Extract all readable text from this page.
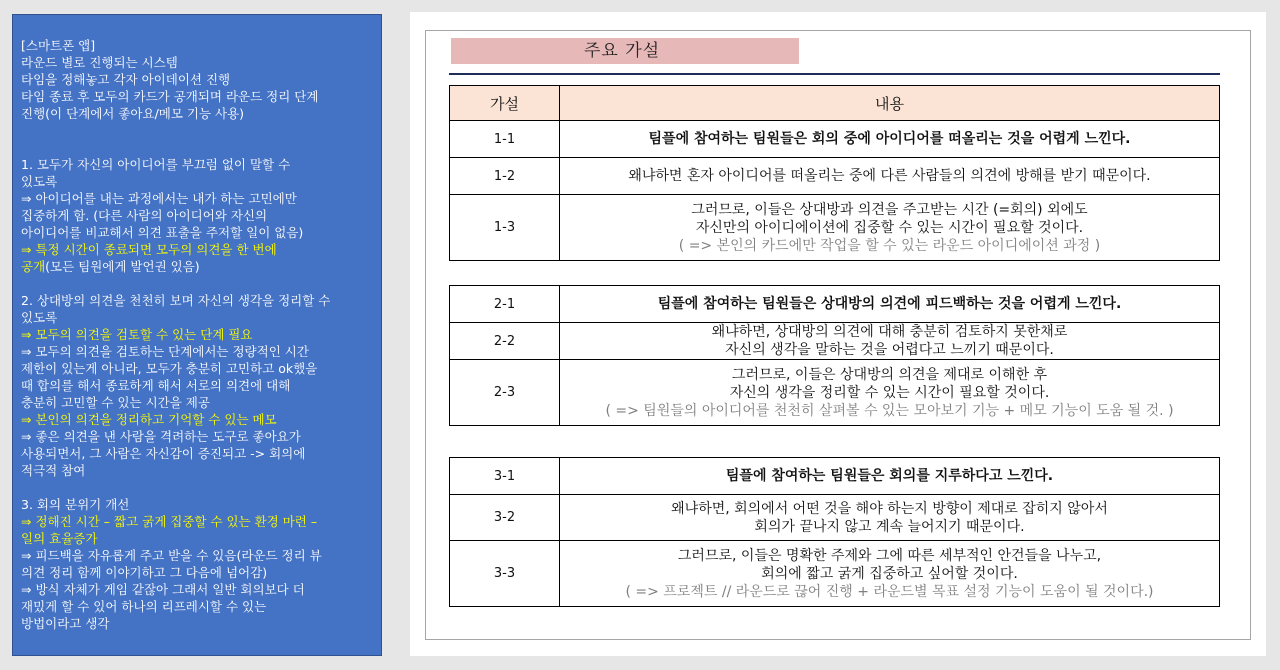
[스마트폰 앱]
라운드 별로 진행되는 시스템
타임을 정해놓고 각자 아이데이션 진행
타임 종료 후 모두의 카드가 공개되며 라운드 정리 단계
진행(이 단계에서 좋아요/메모 기능 사용)
1. 모두가 자신의 아이디어를 부끄럼 없이 말할 수
있도록
⇒ 아이디어를 내는 과정에서는 내가 하는 고민에만
집중하게 함. (다른 사람의 아이디어와 자신의
아이디어를 비교해서 의견 표출을 주저할 일이 없음)
⇒ 특정 시간이 종료되면 모두의 의견을 한 번에
공개(모든 팀원에게 발언권 있음)
2. 상대방의 의견을 천천히 보며 자신의 생각을 정리할 수
있도록
⇒ 모두의 의견을 검토할 수 있는 단계 필요
⇒ 모두의 의견을 검토하는 단계에서는 정량적인 시간
제한이 있는게 아니라, 모두가 충분히 고민하고 ok했을
때 합의를 해서 종료하게 해서 서로의 의견에 대해
충분히 고민할 수 있는 시간을 제공
⇒ 본인의 의견을 정리하고 기억할 수 있는 메모
⇒ 좋은 의견을 낸 사람을 격려하는 도구로 좋아요가
사용되면서, 그 사람은 자신감이 증진되고 -> 회의에
적극적 참여
3. 회의 분위기 개선
⇒ 정해진 시간 – 짧고 굵게 집중할 수 있는 환경 마련 –
일의 효율증가
⇒ 피드백을 자유롭게 주고 받을 수 있음(라운드 정리 뷰
의견 정리 함께 이야기하고 그 다음에 넘어감)
⇒ 방식 자체가 게임 같잖아 그래서 일반 회의보다 더
재밌게 할 수 있어 하나의 리프레시할 수 있는
방법이라고 생각
주요 가설
가설	내용
1-1	팀플에 참여하는 팀원들은 회의 중에 아이디어를 떠올리는 것을 어렵게 느낀다.

1-2	왜냐하면 혼자 아이디어를 떠올리는 중에 다른 사람들의 의견에 방해를 받기 때문이다.

1-3	그러므로, 이들은 상대방과 의견을 주고받는 시간 (=회의) 외에도
자신만의 아이디에이션에 집중할 수 있는 시간이 필요할 것이다.
( => 본인의 카드에만 작업을 할 수 있는 라운드 아이디에이션 과정 )
2-1	팀플에 참여하는 팀원들은 상대방의 의견에 피드백하는 것을 어렵게 느낀다.

2-2	왜냐하면, 상대방의 의견에 대해 충분히 검토하지 못한채로
자신의 생각을 말하는 것을 어렵다고 느끼기 때문이다.

2-3	그러므로, 이들은 상대방의 의견을 제대로 이해한 후
자신의 생각을 정리할 수 있는 시간이 필요할 것이다.
( => 팀원들의 아이디어를 천천히 살펴볼 수 있는 모아보기 기능 + 메모 기능이 도움 될 것. )
3-1	팀플에 참여하는 팀원들은 회의를 지루하다고 느낀다.

3-2	왜냐하면, 회의에서 어떤 것을 해야 하는지 방향이 제대로 잡히지 않아서
회의가 끝나지 않고 계속 늘어지기 때문이다.

3-3	그러므로, 이들은 명확한 주제와 그에 따른 세부적인 안건들을 나누고,
회의에 짧고 굵게 집중하고 싶어할 것이다.
( => 프로젝트 // 라운드로 끊어 진행 + 라운드별 목표 설정 기능이 도움이 될 것이다.)
